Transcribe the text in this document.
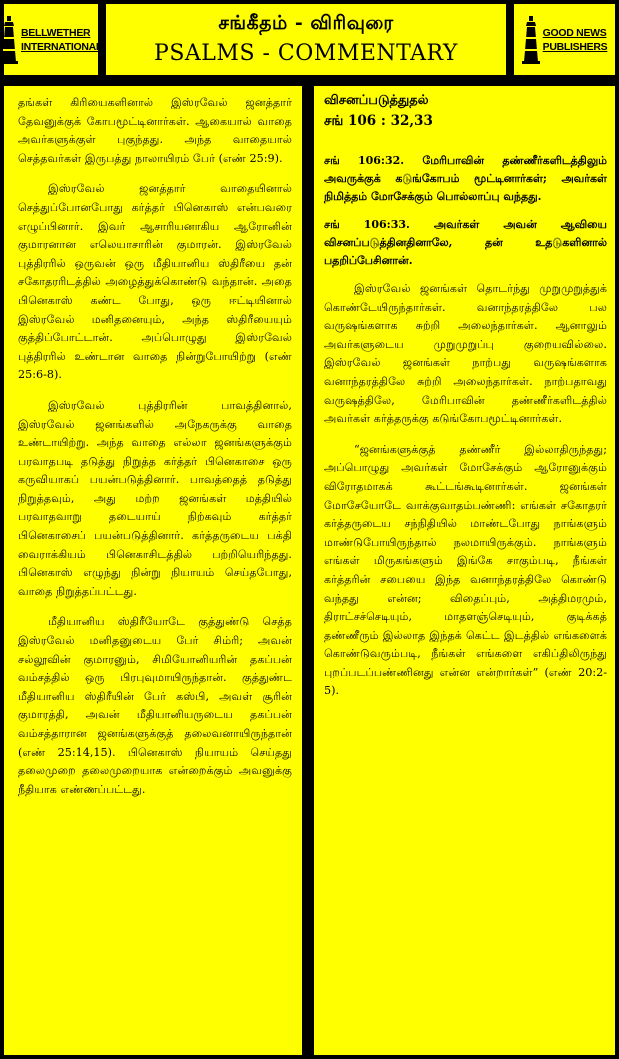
BELLWETHER
INTERNATIONAL
சங்கீதம் - விரிவுரை
PSALMS - COMMENTARY
GOOD NEWS
PUBLISHERS

தங்கள் கிரியைகளினால் இஸ்ரவேல் ஜனத்தார் தேவனுக்குக் கோபமூட்டினார்கள். ஆகையால் வாதை அவர்களுக்குள் புகுந்தது. அந்த வாதையால் செத்தவர்கள் இருபத்து நாலாயிரம் பேர் (எண் 25:9).

இஸ்ரவேல் ஜனத்தார் வாதையினால் செத்துப்போனபோது கர்த்தர் பினெகாஸ் என்பவரை எழுப்பினார். இவர் ஆசாரியனாகிய ஆரோனின் குமாரனான எலெயாசாரின் குமாரன். இஸ்ரவேல் புத்திரரில் ஒருவன் ஒரு மீதியானிய ஸ்திரீயை தன் சகோதரரிடத்தில் அழைத்துக்கொண்டு வந்தான். அதை பினெகாஸ் கண்ட போது, ஒரு ஈட்டியினால் இஸ்ரவேல் மனிதனையும், அந்த ஸ்திரீயையும் குத்திப்போட்டான். அப்பொழுது இஸ்ரவேல் புத்திரரில் உண்டான வாதை நின்றுபோயிற்று (எண் 25:6-8).

இஸ்ரவேல் புத்திரரின் பாவத்தினால், இஸ்ரவேல் ஜனங்களில் அநேகருக்கு வாதை உண்டாயிற்று. அந்த வாதை எல்லா ஜனங்களுக்கும் பரவாதபடி தடுத்து நிறுத்த கர்த்தர் பினெகாசை ஒரு கருவியாகப் பயன்படுத்தினார். பாவத்தைத் தடுத்து நிறுத்தவும், அது மற்ற ஜனங்கள் மத்தியில் பரவாதவாறு தடையாய் நிற்கவும் கர்த்தர் பினெகாசைப் பயன்படுத்தினார். கர்த்தருடைய பக்தி வைராக்கியம் பினெகாசிடத்தில் பற்றியெரிந்தது. பினெகாஸ் எழுந்து நின்று நியாயம் செய்தபோது, வாதை நிறுத்தப்பட்டது.

மீதியானிய ஸ்திரீயோடே குத்துண்டு செத்த இஸ்ரவேல் மனிதனுடைய பேர் சிம்ரி; அவன் சல்லூவின் குமாரனும், சிமியோனியரின் தகப்பன் வம்சத்தில் ஒரு பிரபுவுமாயிருந்தான். குத்துண்ட மீதியானிய ஸ்திரீயின் பேர் கஸ்பி, அவள் சூரின் குமாரத்தி, அவன் மீதியானியருடைய தகப்பன் வம்சத்தாரான ஜனங்களுக்குத் தலைவனாயிருந்தான் (எண் 25:14,15). பினெகாஸ் நியாயம் செய்தது தலைமுறை தலைமுறையாக என்றைக்கும் அவனுக்கு நீதியாக எண்ணப்பட்டது.

விசனப்படுத்துதல்
சங் 106 : 32,33

சங் 106:32. மேரிபாவின் தண்ணீர்களிடத்திலும் அவருக்குக் கடுங்கோபம் மூட்டினார்கள்; அவர்கள் நிமித்தம் மோசேக்கும் பொல்லாப்பு வந்தது.

சங் 106:33. அவர்கள் அவன் ஆவியை விசனப்படுத்தினதினாலே, தன் உதடுகளினால் பதறிப்பேசினான்.

இஸ்ரவேல் ஜனங்கள் தொடர்ந்து முறுமுறுத்துக் கொண்டேயிருந்தார்கள். வனாந்தரத்திலே பல வருஷங்களாக சுற்றி அலைந்தார்கள். ஆனாலும் அவர்களுடைய முறுமுறுப்பு குறையவில்லை. இஸ்ரவேல் ஜனங்கள் நாற்பது வருஷங்களாக வனாந்தரத்திலே சுற்றி அலைந்தார்கள். நாற்பதாவது வருஷத்திலே, மேரிபாவின் தண்ணீர்களிடத்தில் அவர்கள் கர்த்தருக்கு கடுங்கோபமூட்டினார்கள்.

“ஜனங்களுக்குத் தண்ணீர் இல்லாதிருந்தது; அப்பொழுது அவர்கள் மோசேக்கும் ஆரோனுக்கும் விரோதமாகக் கூட்டங்கூடினார்கள். ஜனங்கள் மோசேயோடே வாக்குவாதம்பண்ணி: எங்கள் சகோதரர் கர்த்தருடைய சந்நிதியில் மாண்டபோது நாங்களும் மாண்டுபோயிருந்தால் நலமாயிருக்கும். நாங்களும் எங்கள் மிருகங்களும் இங்கே சாகும்படி, நீங்கள் கர்த்தரின் சபையை இந்த வனாந்தரத்திலே கொண்டு வந்தது என்ன; விதைப்பும், அத்திமரமும், திராட்சச்செடியும், மாதளஞ்செடியும், குடிக்கத் தண்ணீரும் இல்லாத இந்தக் கெட்ட இடத்தில் எங்களைக் கொண்டுவரும்படி, நீங்கள் எங்களை எகிப்திலிருந்து புறப்படப்பண்ணினது என்ன என்றார்கள்” (எண் 20:2-5).
